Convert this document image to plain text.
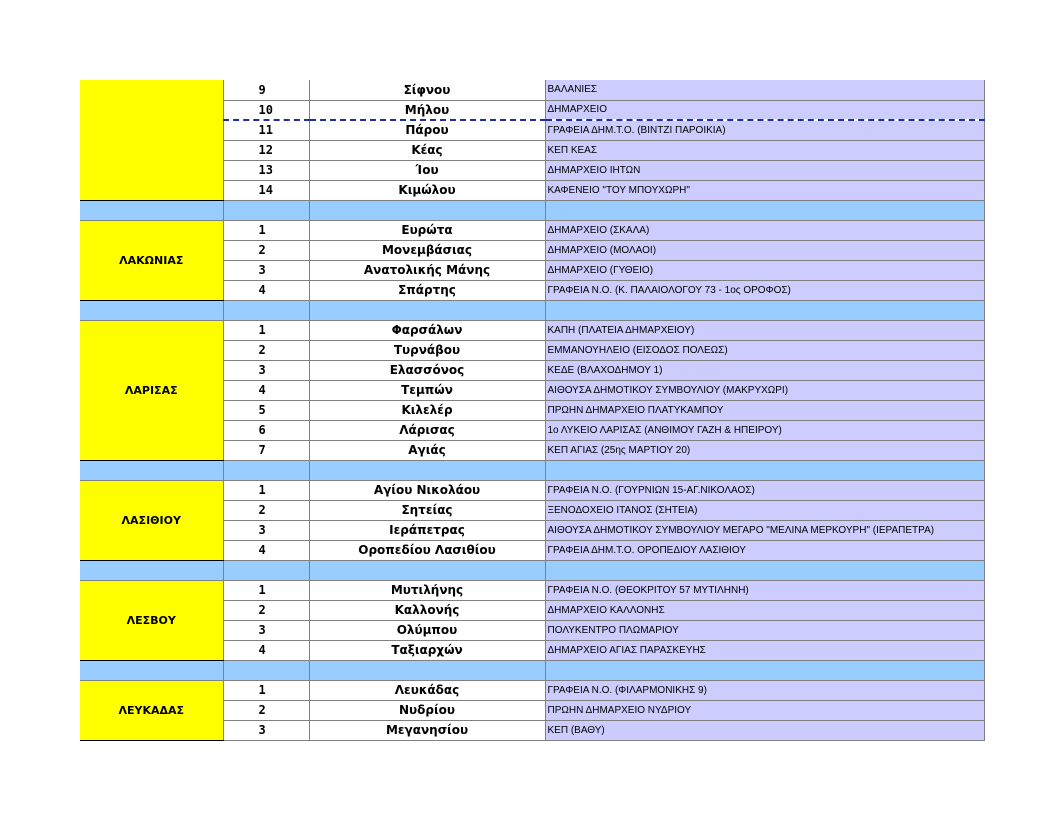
	9	Σίφνου	ΒΑΛΑΝΙΕΣ
	10	Μήλου	ΔΗΜΑΡΧΕΙΟ
	11	Πάρου	ΓΡΑΦΕΙΑ ΔΗΜ.Τ.Ο. (ΒΙΝΤΖΙ ΠΑΡΟΙΚΙΑ)
	12	Κέας	ΚΕΠ ΚΕΑΣ
	13	Ίου	ΔΗΜΑΡΧΕΙΟ ΙΗΤΩΝ
	14	Κιμώλου	ΚΑΦΕΝΕΙΟ "ΤΟΥ ΜΠΟΥΧΩΡΗ"

ΛΑΚΩΝΙΑΣ	1	Ευρώτα	ΔΗΜΑΡΧΕΙΟ (ΣΚΑΛΑ)
	2	Μονεμβάσιας	ΔΗΜΑΡΧΕΙΟ (ΜΟΛΑΟΙ)
	3	Ανατολικής Μάνης	ΔΗΜΑΡΧΕΙΟ (ΓΥΘΕΙΟ)
	4	Σπάρτης	ΓΡΑΦΕΙΑ Ν.Ο. (Κ. ΠΑΛΑΙΟΛΟΓΟΥ 73 - 1ος ΟΡΟΦΟΣ)

ΛΑΡΙΣΑΣ	1	Φαρσάλων	ΚΑΠΗ (ΠΛΑΤΕΙΑ ΔΗΜΑΡΧΕΙΟΥ)
	2	Τυρνάβου	ΕΜΜΑΝΟΥΗΛΕΙΟ (ΕΙΣΟΔΟΣ ΠΟΛΕΩΣ)
	3	Ελασσόνος	ΚΕΔΕ (ΒΛΑΧΟΔΗΜΟΥ 1)
	4	Τεμπών	ΑΙΘΟΥΣΑ ΔΗΜΟΤΙΚΟΥ ΣΥΜΒΟΥΛΙΟΥ (ΜΑΚΡΥΧΩΡΙ)
	5	Κιλελέρ	ΠΡΩΗΝ ΔΗΜΑΡΧΕΙΟ ΠΛΑΤΥΚΑΜΠΟΥ
	6	Λάρισας	1ο ΛΥΚΕΙΟ ΛΑΡΙΣΑΣ (ΑΝΘΙΜΟΥ ΓΑΖΗ & ΗΠΕΙΡΟΥ)
	7	Αγιάς	ΚΕΠ ΑΓΙΑΣ (25ης ΜΑΡΤΙΟΥ 20)

ΛΑΣΙΘΙΟΥ	1	Αγίου Νικολάου	ΓΡΑΦΕΙΑ Ν.Ο. (ΓΟΥΡΝΙΩΝ 15-ΑΓ.ΝΙΚΟΛΑΟΣ)
	2	Σητείας	ΞΕΝΟΔΟΧΕΙΟ ΙΤΑΝΟΣ (ΣΗΤΕΙΑ)
	3	Ιεράπετρας	ΑΙΘΟΥΣΑ ΔΗΜΟΤΙΚΟΥ ΣΥΜΒΟΥΛΙΟΥ ΜΕΓΑΡΟ "ΜΕΛΙΝΑ ΜΕΡΚΟΥΡΗ" (ΙΕΡΑΠΕΤΡΑ)
	4	Οροπεδίου Λασιθίου	ΓΡΑΦΕΙΑ ΔΗΜ.Τ.Ο. ΟΡΟΠΕΔΙΟΥ ΛΑΣΙΘΙΟΥ

ΛΕΣΒΟΥ	1	Μυτιλήνης	ΓΡΑΦΕΙΑ Ν.Ο. (ΘΕΟΚΡΙΤΟΥ 57 ΜΥΤΙΛΗΝΗ)
	2	Καλλονής	ΔΗΜΑΡΧΕΙΟ ΚΑΛΛΟΝΗΣ
	3	Ολύμπου	ΠΟΛΥΚΕΝΤΡΟ ΠΛΩΜΑΡΙΟΥ
	4	Ταξιαρχών	ΔΗΜΑΡΧΕΙΟ ΑΓΙΑΣ ΠΑΡΑΣΚΕΥΗΣ

ΛΕΥΚΑΔΑΣ	1	Λευκάδας	ΓΡΑΦΕΙΑ Ν.Ο. (ΦΙΛΑΡΜΟΝΙΚΗΣ 9)
	2	Νυδρίου	ΠΡΩΗΝ ΔΗΜΑΡΧΕΙΟ ΝΥΔΡΙΟΥ
	3	Μεγανησίου	ΚΕΠ (ΒΑΘΥ)
